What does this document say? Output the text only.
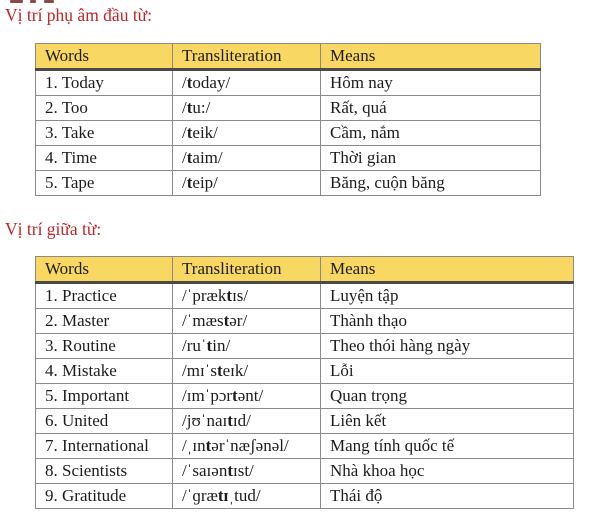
Vị trí phụ âm đầu từ:
Words	Transliteration	Means
1. Today	/today/	Hôm nay
2. Too	/tu:/	Rất, quá
3. Take	/teik/	Cầm, nắm
4. Time	/taim/	Thời gian
5. Tape	/teip/	Băng, cuộn băng
Vị trí giữa từ:
Words	Transliteration	Means
1. Practice	/ˈpræktɪs/	Luyện tập
2. Master	/ˈmæstər/	Thành thạo
3. Routine	/ruˈtin/	Theo thói hàng ngày
4. Mistake	/mɪˈsteɪk/	Lỗi
5. Important	/ɪmˈpɔrtənt/	Quan trọng
6. United	/jʊˈnaɪtɪd/	Liên kết
7. International	/ˌɪntərˈnæʃənəl/	Mang tính quốc tế
8. Scientists	/ˈsaɪəntɪst/	Nhà khoa học
9. Gratitude	/ˈɡrætɪˌtud/	Thái độ
